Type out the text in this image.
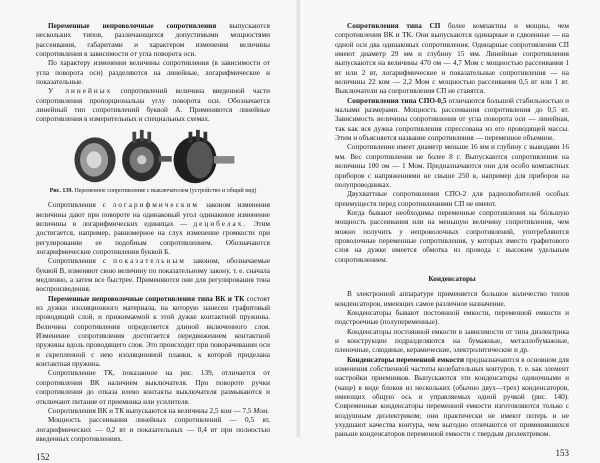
Переменные непроволочные сопротивления выпускаются нескольких типов, различающихся допустимыми мощностями рассеивания, габаритами и характером изменения величины сопротивления в зависимости от угла поворота оси.

По характеру изменения величины сопротивления (в зависимости от угла поворота оси) разделяются на линейные, логарифмические и показательные.

У линейных сопротивлений величина введенной части сопротивления пропорциональна углу поворота оси. Обозначается линейный тип сопротивлений буквой А. Применяются линейные сопротивления в измерительных и специальных схемах.

Рис. 139. Переменное сопротивление с выключателем (устройство и общий вид)

Сопротивления с логарифмическим законом изменения величины дают при повороте на одинаковый угол одинаковое изменение величины в логарифмических единицах — децибелах. Этим достигается, например, равномерное на слух изменение громкости при регулировании ее подобным сопротивлением. Обозначаются логарифмические сопротивления буквой Б.

Сопротивления с показательным законом, обозначаемые буквой В, изменяют свою величину по показательному закону, т. е. сначала медленно, а затем все быстрее. Применяются они для регулирования тона воспроизведения.

Переменные непроволочные сопротивления типа ВК и ТК состоят из дужки изоляционного материала, на которую нанесен графитовый проводящий слой, и прижимаемой к этой дужке контактной пружины. Величина сопротивления определяется длиной включенного слоя. Изменение сопротивления достигается передвижением контактной пружины вдоль проводящего слоя. Это происходит при поворачивании оси и скрепленной с нею изоляционной планки, к которой приделана контактная пружина.

Сопротивление ТК, показанное на рис. 139, отличается от сопротивления ВК наличием выключателя. При повороте ручки сопротивления до отказа влево контакты выключателя размыкаются и отключают питание от приемника или усилителя.

Сопротивления ВК и ТК выпускаются на величины 2,5 ком — 7,5 Мом.

Мощность рассеивания линейных сопротивлений — 0,5 вт, логарифмических — 0,2 вт и показательных — 0,4 вт при полностью введенных сопротивлениях.

152

Сопротивления типа СП более компактны и мощны, чем сопротивления ВК и ТК. Они выпускаются одинарные и сдвоенные — на одной оси два одинаковых сопротивления. Одинарные сопротивления СП имеют диаметр 29 мм и глубину 15 мм. Линейные сопротивления выпускаются на величины 470 ом — 4,7 Мом с мощностью рассеивания 1 вт или 2 вт, логарифмические и показательные сопротивления — на величины 22 ком — 2,2 Мом с мощностью рассеивания 0,5 вт или 1 вт. Выключатели на сопротивления СП не ставятся.

Сопротивления типа СПО-0,5 отличаются большой стабильностью и малыми размерами. Мощность рассеивания сопротивления до 0,5 вт. Зависимость величины сопротивления от угла поворота оси — линейная, так как вся дужка сопротивления спрессована из его проводящей массы. Этим и объясняется название сопротивления — переменное объемное.

Сопротивление имеет диаметр меньше 16 мм и глубину с выводами 16 мм. Вес сопротивления не более 8 г. Выпускаются сопротивления на величины 100 ом — 1 Мом. Предназначаются они для особо компактных приборов с напряжениями не свыше 250 в, например для приборов на полупроводниках.

Двухваттные сопротивления СПО-2 для радиолюбителей особых преимуществ перед сопротивлениями СП не имеют.

Когда бывают необходимы переменные сопротивления на бóльшую мощность рассеивания или на меньшую величину сопротивления, чем можно получить у непроволочных сопротивлений, употребляются проволочные переменные сопротивления, у которых вместо графитового слоя на дужке имеется обмотка из провода с высоким удельным сопротивлением.

Конденсаторы

В электронной аппаратуре применяется большое количество типов конденсаторов, имеющих самое различное назначение.

Конденсаторы бывают постоянной емкости, переменной емкости и подстроечные (полупеременные).

Конденсаторы постоянной емкости в зависимости от типа диэлектрика и конструкции подразделяются на бумажные, металлобумажные, пленочные, слюдяные, керамические, электролитические и др.

Конденсаторы переменной емкости предназначаются в основном для изменения собственной частоты колебательных контуров, т. е. как элемент настройки приемников. Выпускаются эти конденсаторы одиночными и (чаще) в виде блоков из нескольких (обычно двух—трех) конденсаторов, имеющих общую ось и управляемых одной ручкой (рис. 140). Современные конденсаторы переменной емкости изготовляются только с воздушным диэлектриком; они практически не имеют потерь и не ухудшают качества контура, чем выгодно отличаются от применявшихся раньше конденсаторов переменной емкости с твердым диэлектриком.

153
